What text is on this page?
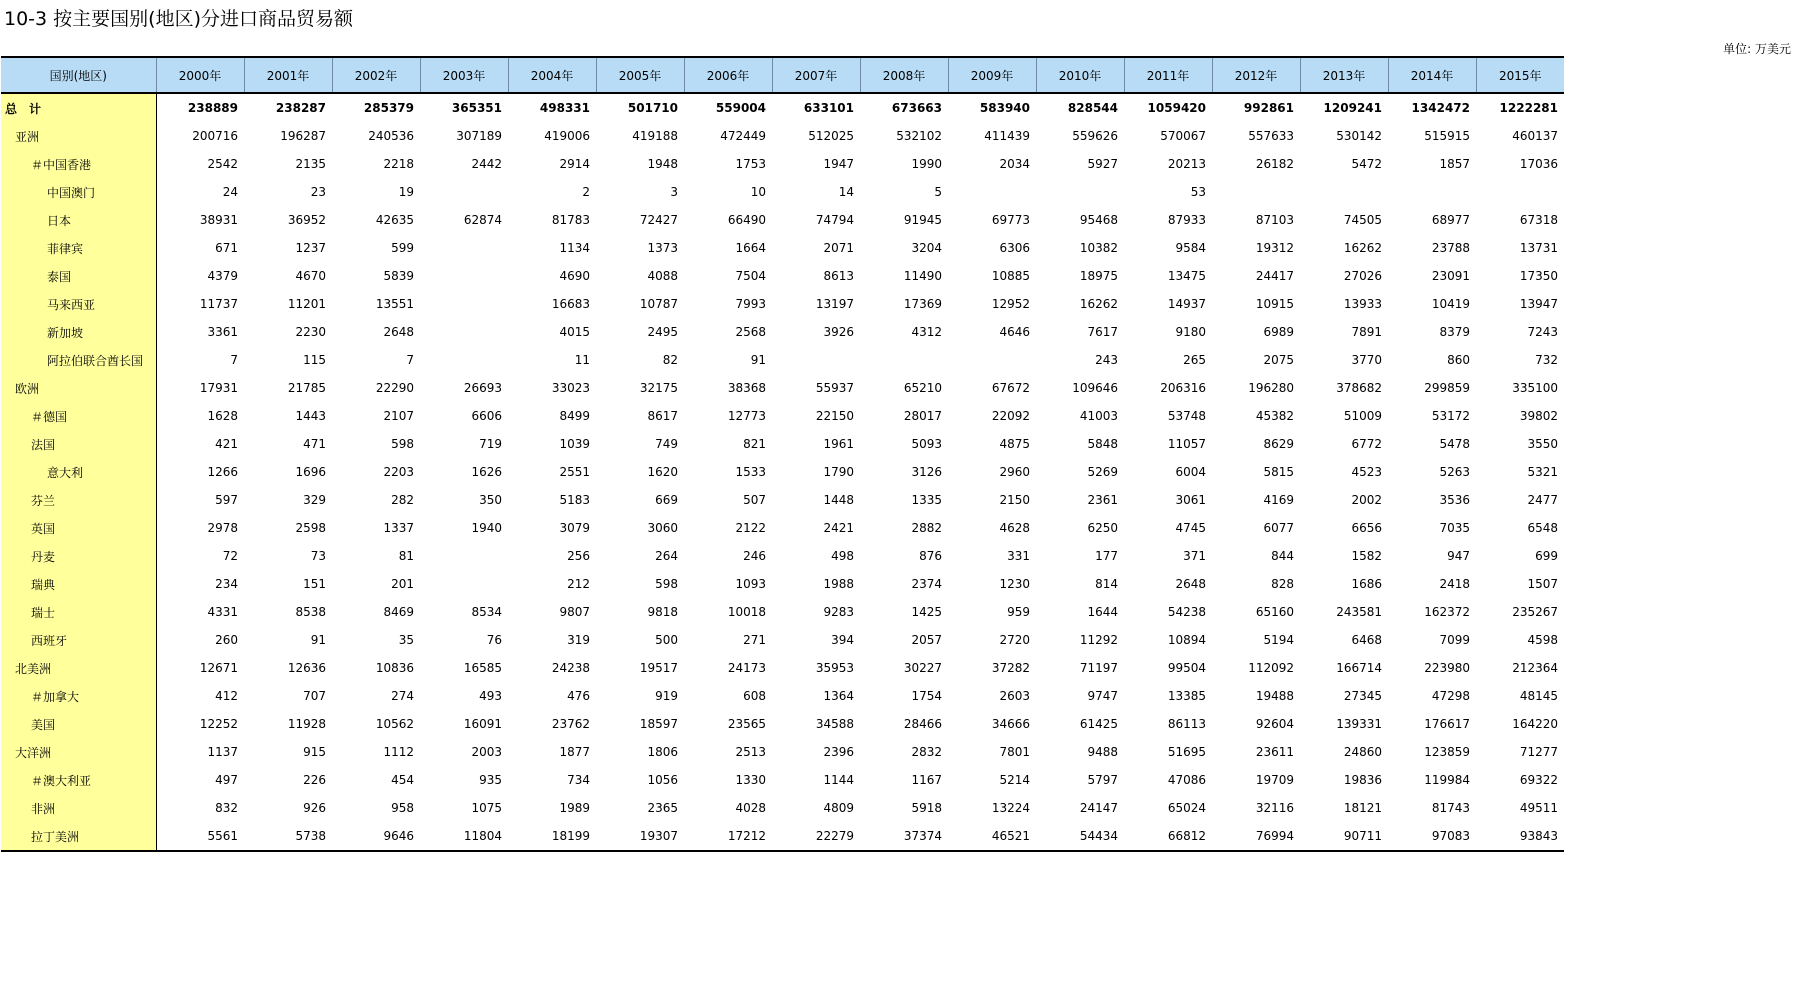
10-3 按主要国别(地区)分进口商品贸易额
单位: 万美元
国别(地区)	2000年	2001年	2002年	2003年	2004年	2005年	2006年	2007年	2008年	2009年	2010年	2011年	2012年	2013年	2014年	2015年
总　计	238889	238287	285379	365351	498331	501710	559004	633101	673663	583940	828544	1059420	992861	1209241	1342472	1222281
亚洲	200716	196287	240536	307189	419006	419188	472449	512025	532102	411439	559626	570067	557633	530142	515915	460137
＃中国香港	2542	2135	2218	2442	2914	1948	1753	1947	1990	2034	5927	20213	26182	5472	1857	17036
中国澳门	24	23	19		2	3	10	14	5			53				
日本	38931	36952	42635	62874	81783	72427	66490	74794	91945	69773	95468	87933	87103	74505	68977	67318
菲律宾	671	1237	599		1134	1373	1664	2071	3204	6306	10382	9584	19312	16262	23788	13731
泰国	4379	4670	5839		4690	4088	7504	8613	11490	10885	18975	13475	24417	27026	23091	17350
马来西亚	11737	11201	13551		16683	10787	7993	13197	17369	12952	16262	14937	10915	13933	10419	13947
新加坡	3361	2230	2648		4015	2495	2568	3926	4312	4646	7617	9180	6989	7891	8379	7243
阿拉伯联合酋长国	7	115	7		11	82	91				243	265	2075	3770	860	732
欧洲	17931	21785	22290	26693	33023	32175	38368	55937	65210	67672	109646	206316	196280	378682	299859	335100
＃德国	1628	1443	2107	6606	8499	8617	12773	22150	28017	22092	41003	53748	45382	51009	53172	39802
法国	421	471	598	719	1039	749	821	1961	5093	4875	5848	11057	8629	6772	5478	3550
意大利	1266	1696	2203	1626	2551	1620	1533	1790	3126	2960	5269	6004	5815	4523	5263	5321
芬兰	597	329	282	350	5183	669	507	1448	1335	2150	2361	3061	4169	2002	3536	2477
英国	2978	2598	1337	1940	3079	3060	2122	2421	2882	4628	6250	4745	6077	6656	7035	6548
丹麦	72	73	81		256	264	246	498	876	331	177	371	844	1582	947	699
瑞典	234	151	201		212	598	1093	1988	2374	1230	814	2648	828	1686	2418	1507
瑞士	4331	8538	8469	8534	9807	9818	10018	9283	1425	959	1644	54238	65160	243581	162372	235267
西班牙	260	91	35	76	319	500	271	394	2057	2720	11292	10894	5194	6468	7099	4598
北美洲	12671	12636	10836	16585	24238	19517	24173	35953	30227	37282	71197	99504	112092	166714	223980	212364
＃加拿大	412	707	274	493	476	919	608	1364	1754	2603	9747	13385	19488	27345	47298	48145
美国	12252	11928	10562	16091	23762	18597	23565	34588	28466	34666	61425	86113	92604	139331	176617	164220
大洋洲	1137	915	1112	2003	1877	1806	2513	2396	2832	7801	9488	51695	23611	24860	123859	71277
＃澳大利亚	497	226	454	935	734	1056	1330	1144	1167	5214	5797	47086	19709	19836	119984	69322
非洲	832	926	958	1075	1989	2365	4028	4809	5918	13224	24147	65024	32116	18121	81743	49511
拉丁美洲	5561	5738	9646	11804	18199	19307	17212	22279	37374	46521	54434	66812	76994	90711	97083	93843
